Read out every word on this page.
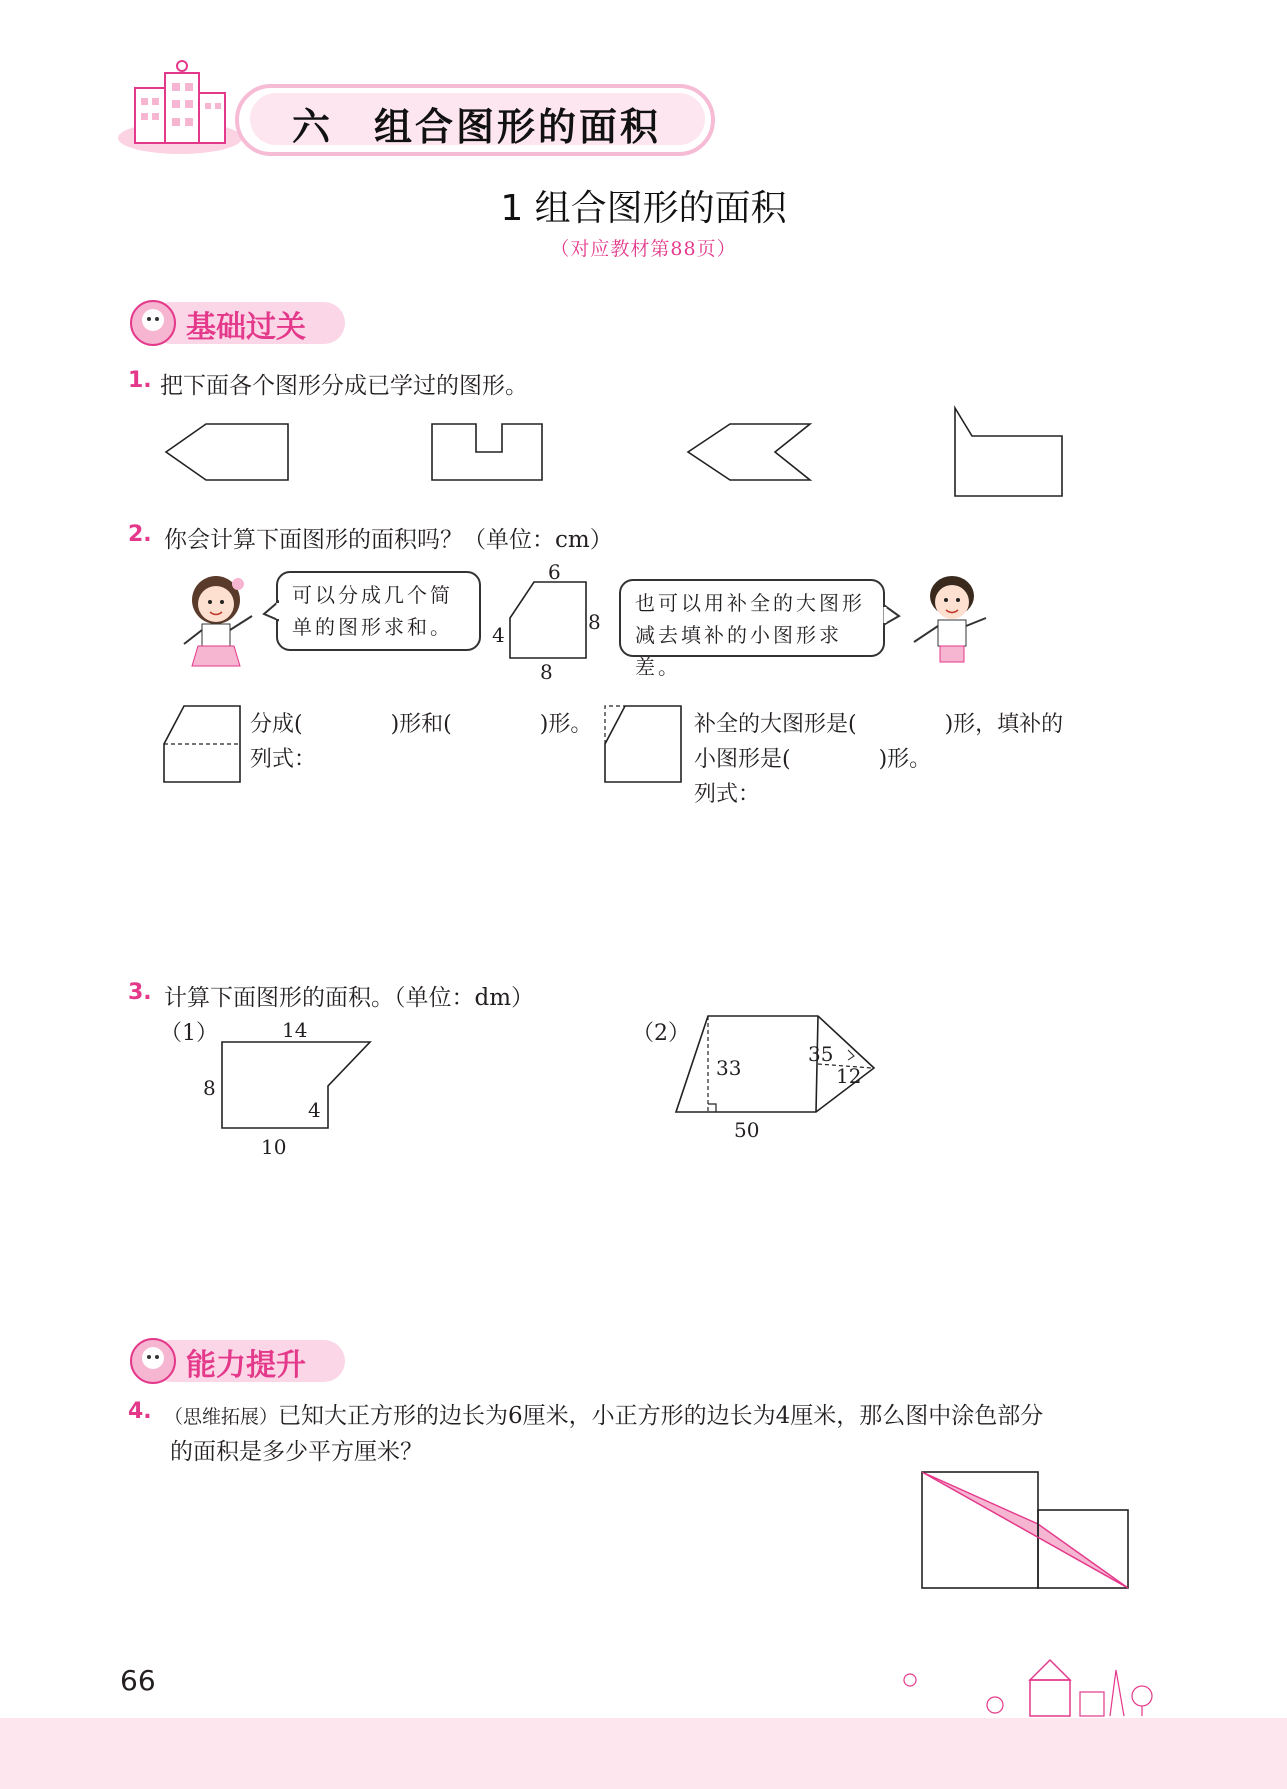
六　组合图形的面积
1 组合图形的面积
（对应教材第88页）
基础过关
1. 把下面各个图形分成已学过的图形。
2. 你会计算下面图形的面积吗？（单位：cm）
可以分成几个简
单的图形求和。
6
4
8
8
也可以用补全的大图形
减去填补的小图形求差。
分成(　　　　)形和(　　　　)形。
列式：
补全的大图形是(　　　　)形，填补的
小图形是(　　　　)形。
列式：
3. 计算下面图形的面积。（单位：dm）
（1）	14
8
4
10
（2）
33
35
12
50
能力提升
4. （思维拓展）已知大正方形的边长为6厘米，小正方形的边长为4厘米，那么图中涂色部分
的面积是多少平方厘米？
66
